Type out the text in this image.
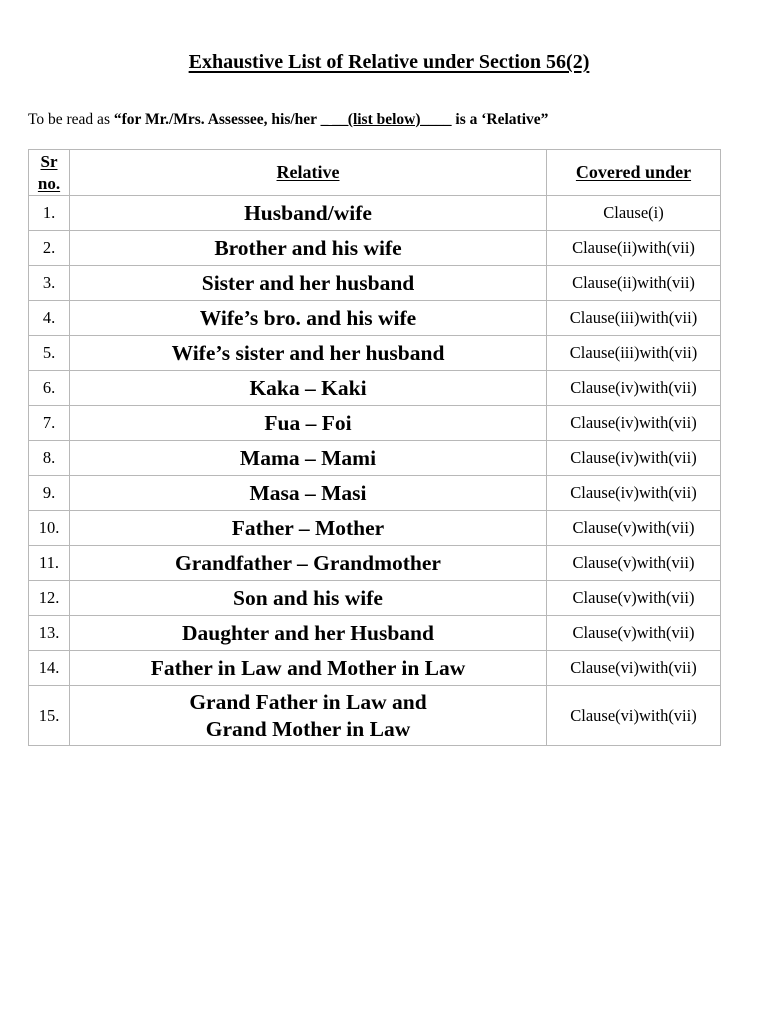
Exhaustive List of Relative under Section 56(2)
To be read as “for Mr./Mrs. Assessee, his/her _ __(list below)____ is a ‘Relative”
Sr
no.	Relative	Covered under
1.	Husband/wife	Clause(i)
2.	Brother and his wife	Clause(ii)with(vii)
3.	Sister and her husband	Clause(ii)with(vii)
4.	Wife’s bro. and his wife	Clause(iii)with(vii)
5.	Wife’s sister and her husband	Clause(iii)with(vii)
6.	Kaka – Kaki	Clause(iv)with(vii)
7.	Fua – Foi	Clause(iv)with(vii)
8.	Mama – Mami	Clause(iv)with(vii)
9.	Masa – Masi	Clause(iv)with(vii)
10.	Father – Mother	Clause(v)with(vii)
11.	Grandfather – Grandmother	Clause(v)with(vii)
12.	Son and his wife	Clause(v)with(vii)
13.	Daughter and her Husband	Clause(v)with(vii)
14.	Father in Law and Mother in Law	Clause(vi)with(vii)
15.	Grand Father in Law and
Grand Mother in Law	Clause(vi)with(vii)
